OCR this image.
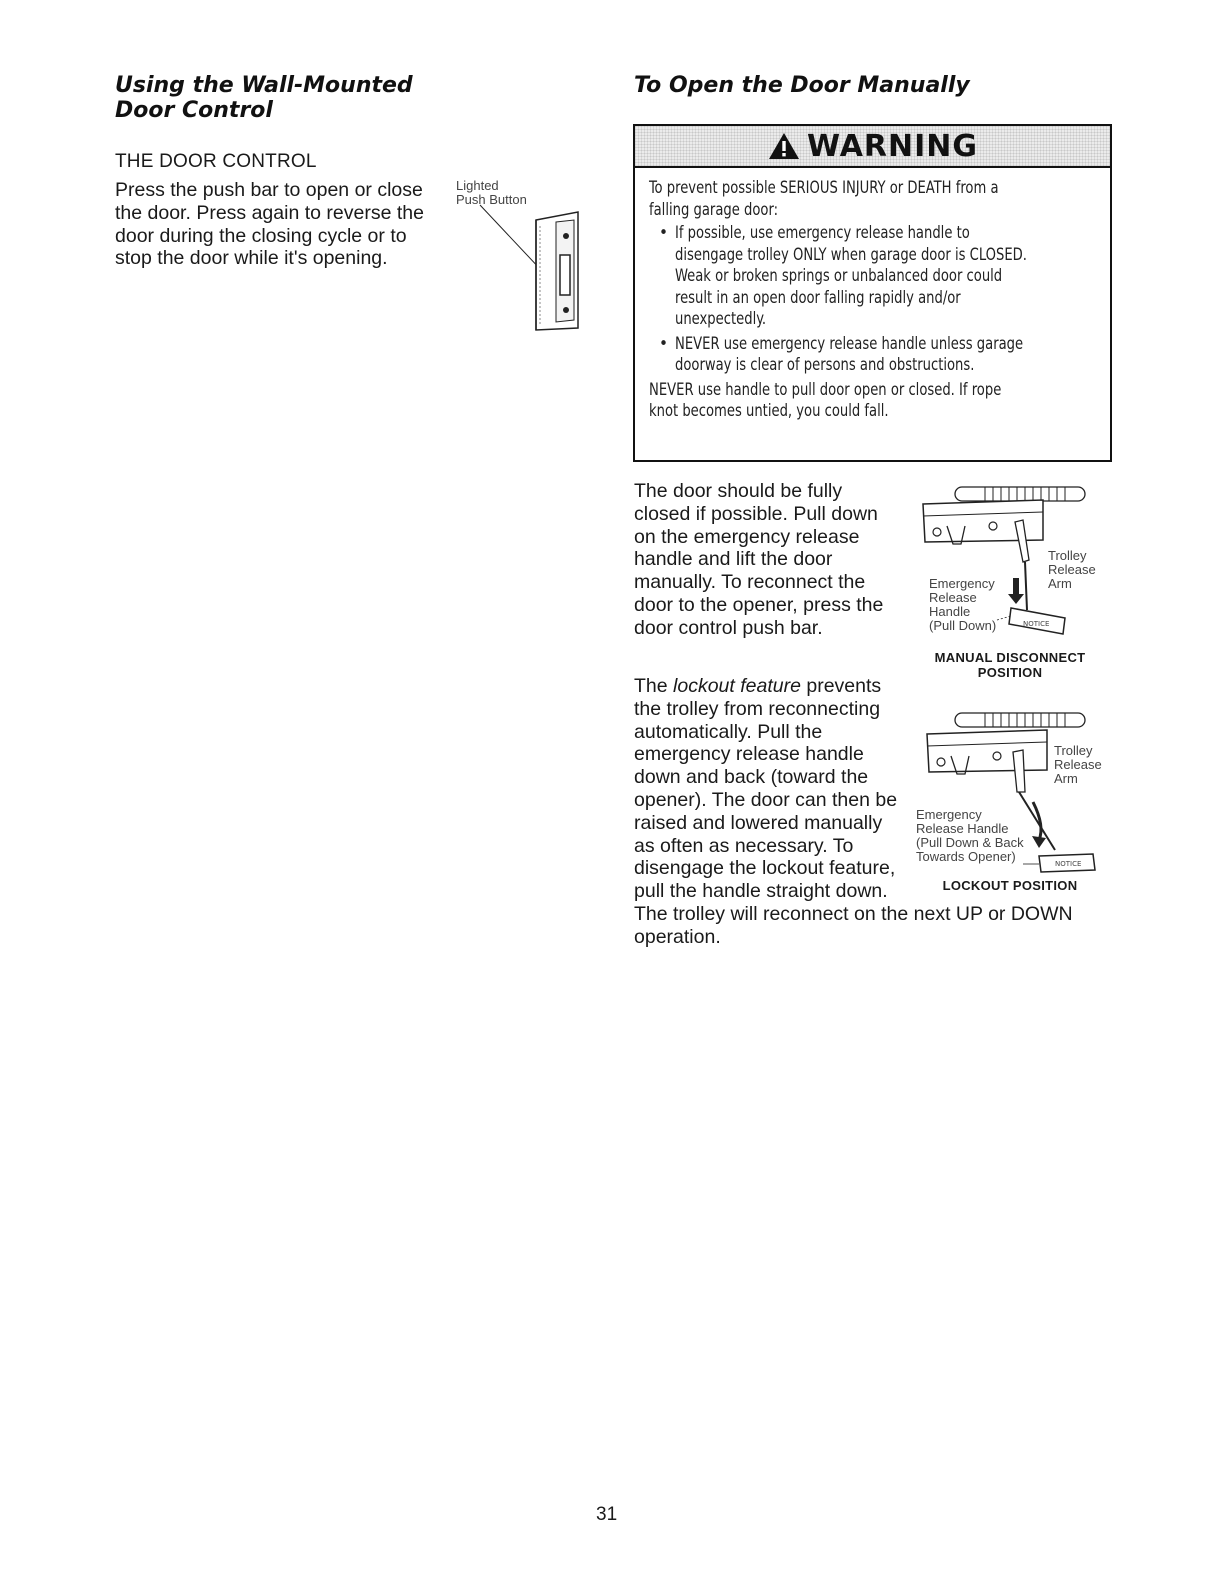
Using the Wall-Mounted
Door Control
THE DOOR CONTROL
Press the push bar to open or close
the door. Press again to reverse the
door during the closing cycle or to
stop the door while it's opening.
Lighted
Push Button
To Open the Door Manually
WARNING

To prevent possible SERIOUS INJURY or DEATH from a
falling garage door:

• If possible, use emergency release handle to
disengage trolley ONLY when garage door is CLOSED.
Weak or broken springs or unbalanced door could
result in an open door falling rapidly and/or
unexpectedly.
• NEVER use emergency release handle unless garage
doorway is clear of persons and obstructions.

NEVER use handle to pull door open or closed. If rope
knot becomes untied, you could fall.

The door should be fully
closed if possible. Pull down
on the emergency release
handle and lift the door
manually. To reconnect the
door to the opener, press the
door control push bar.	NOTICE
Trolley
Release
Arm
Emergency
Release
Handle
(Pull Down)
MANUAL DISCONNECT
POSITION
The lockout feature prevents
the trolley from reconnecting
automatically. Pull the
emergency release handle
down and back (toward the
opener). The door can then be
raised and lowered manually
as often as necessary. To
disengage the lockout feature,
pull the handle straight down.
The trolley will reconnect on the next UP or DOWN
operation.
NOTICE
Trolley
Release
Arm
Emergency
Release Handle
(Pull Down & Back
Towards Opener)
LOCKOUT POSITION
31
